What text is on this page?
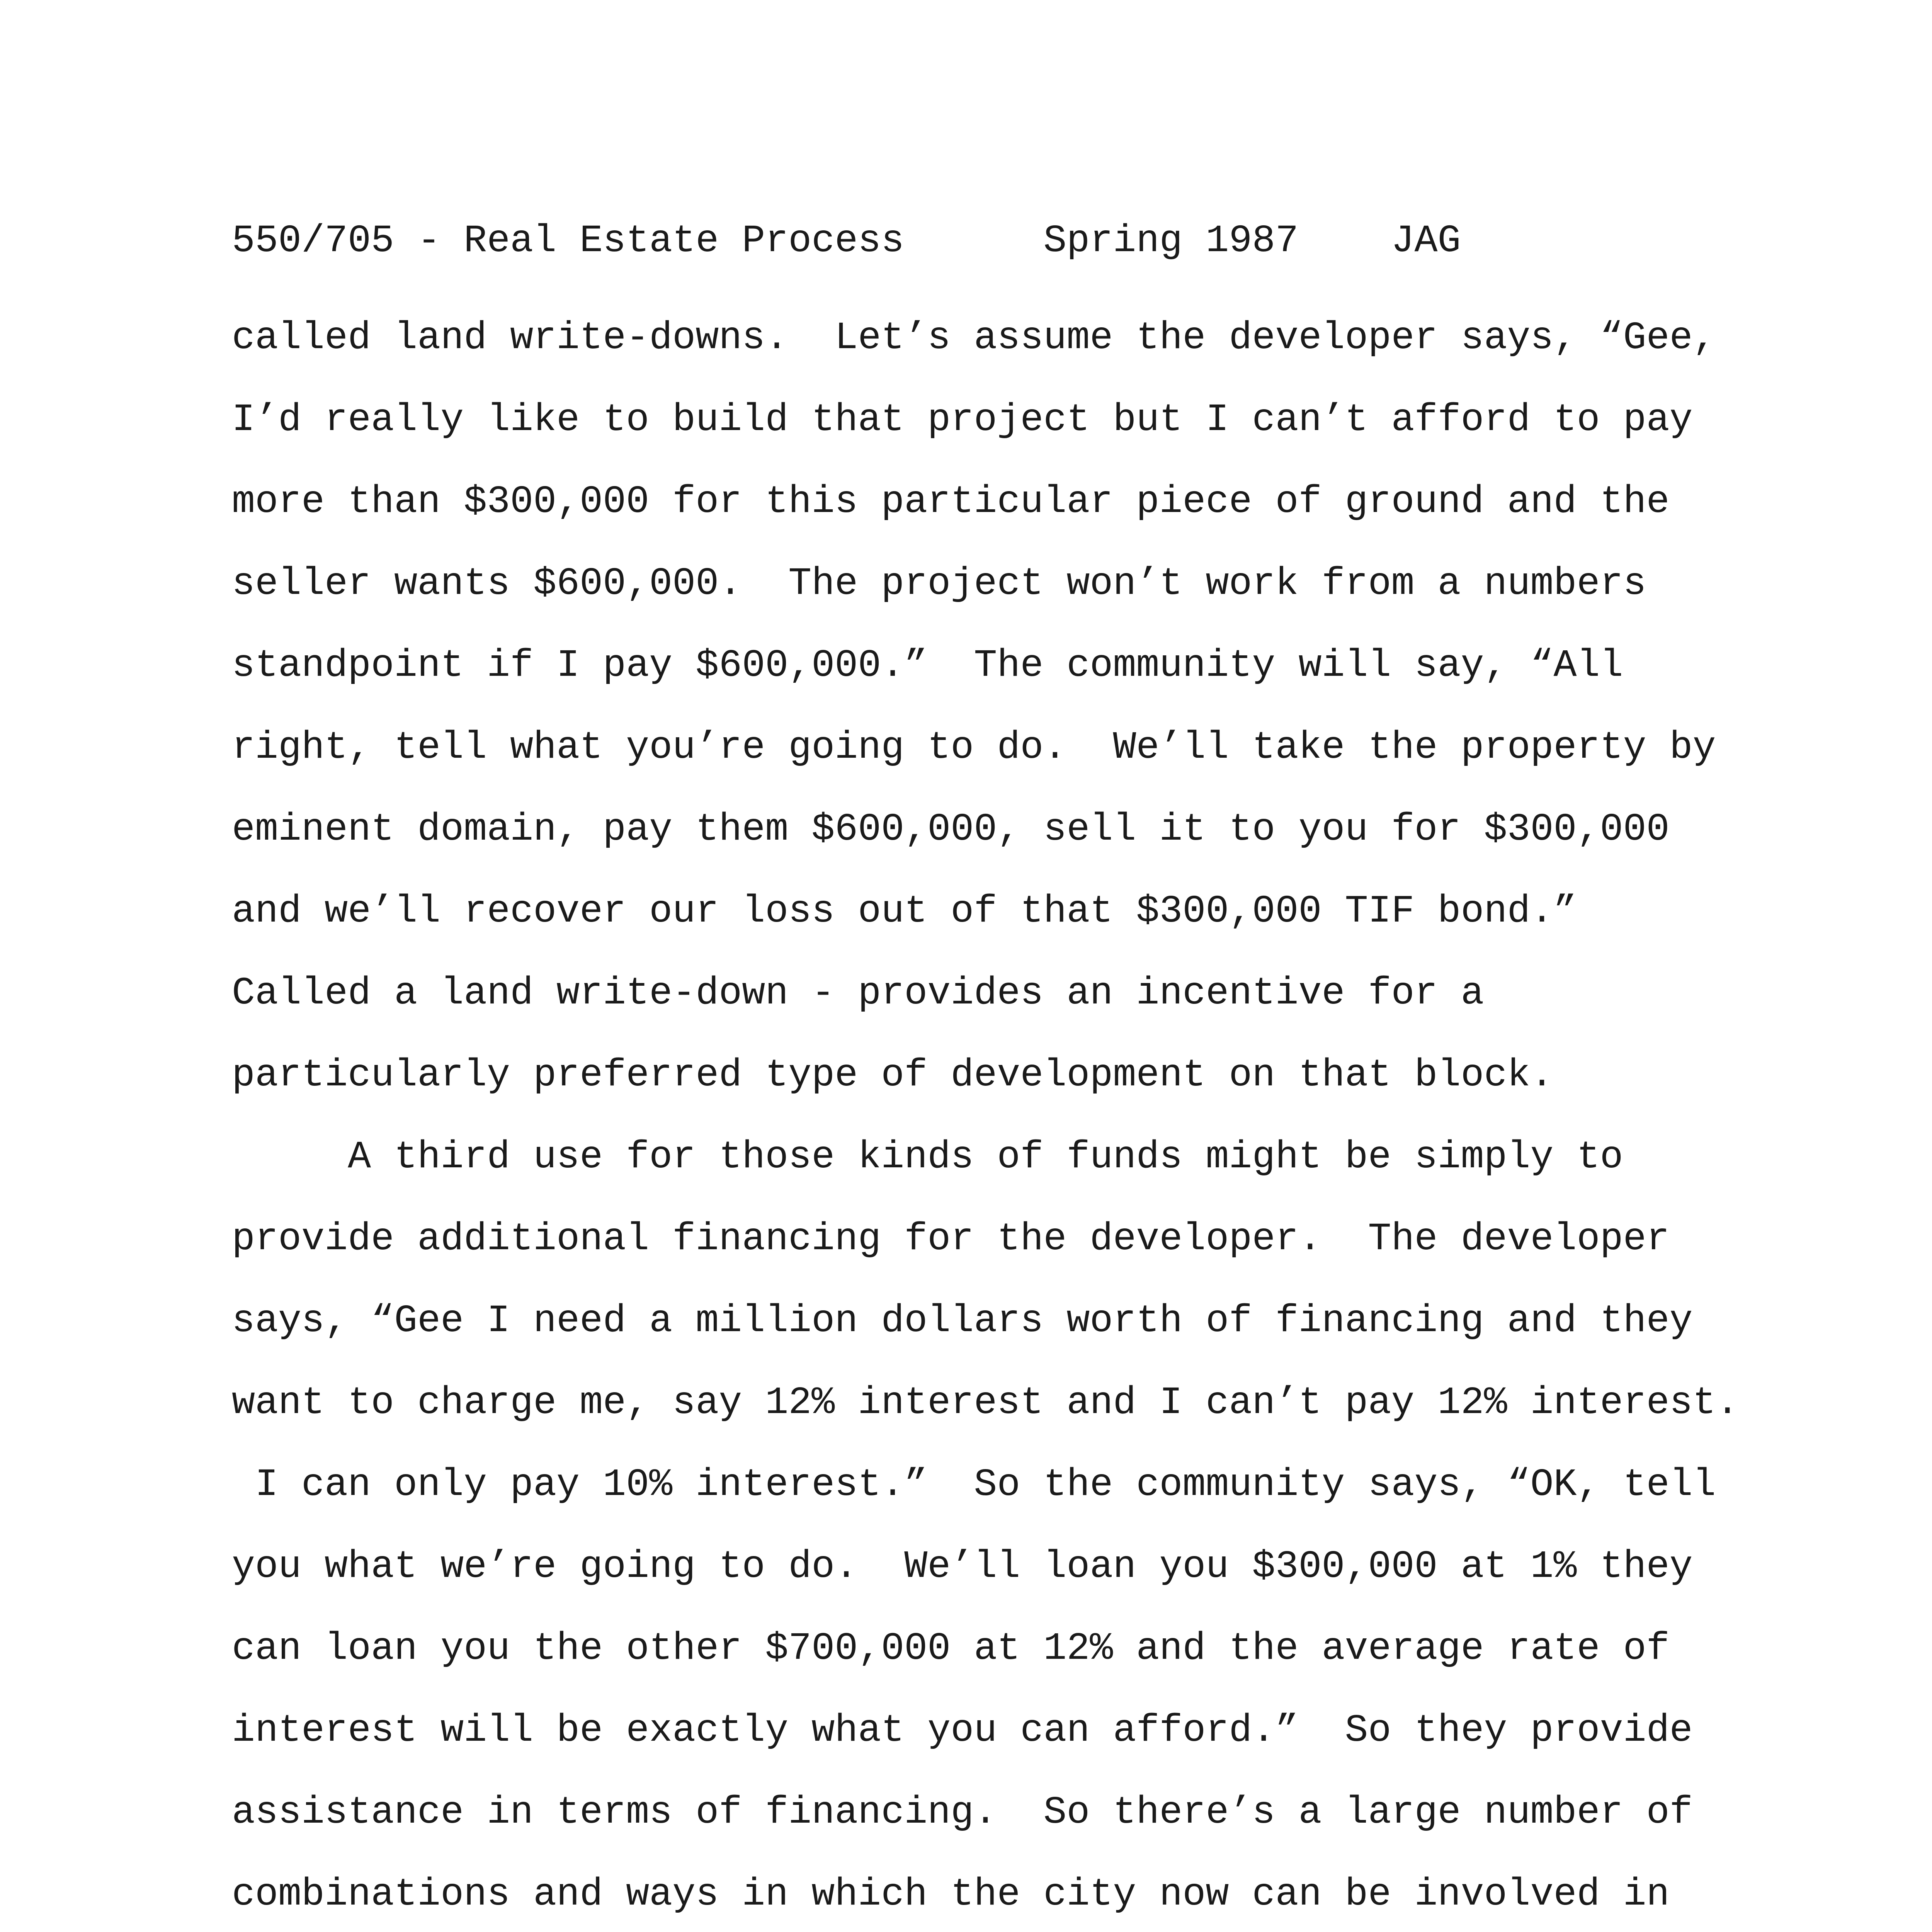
550/705 - Real Estate Process      Spring 1987    JAG
called land write-downs.  Let’s assume the developer says, “Gee,
I’d really like to build that project but I can’t afford to pay
more than $300,000 for this particular piece of ground and the
seller wants $600,000.  The project won’t work from a numbers
standpoint if I pay $600,000.”  The community will say, “All
right, tell what you’re going to do.  We’ll take the property by
eminent domain, pay them $600,000, sell it to you for $300,000
and we’ll recover our loss out of that $300,000 TIF bond.”
Called a land write-down - provides an incentive for a
particularly preferred type of development on that block.
A third use for those kinds of funds might be simply to
provide additional financing for the developer.  The developer
says, “Gee I need a million dollars worth of financing and they
want to charge me, say 12% interest and I can’t pay 12% interest.
I can only pay 10% interest.”  So the community says, “OK, tell
you what we’re going to do.  We’ll loan you $300,000 at 1% they
can loan you the other $700,000 at 12% and the average rate of
interest will be exactly what you can afford.”  So they provide
assistance in terms of financing.  So there’s a large number of
combinations and ways in which the city now can be involved in
